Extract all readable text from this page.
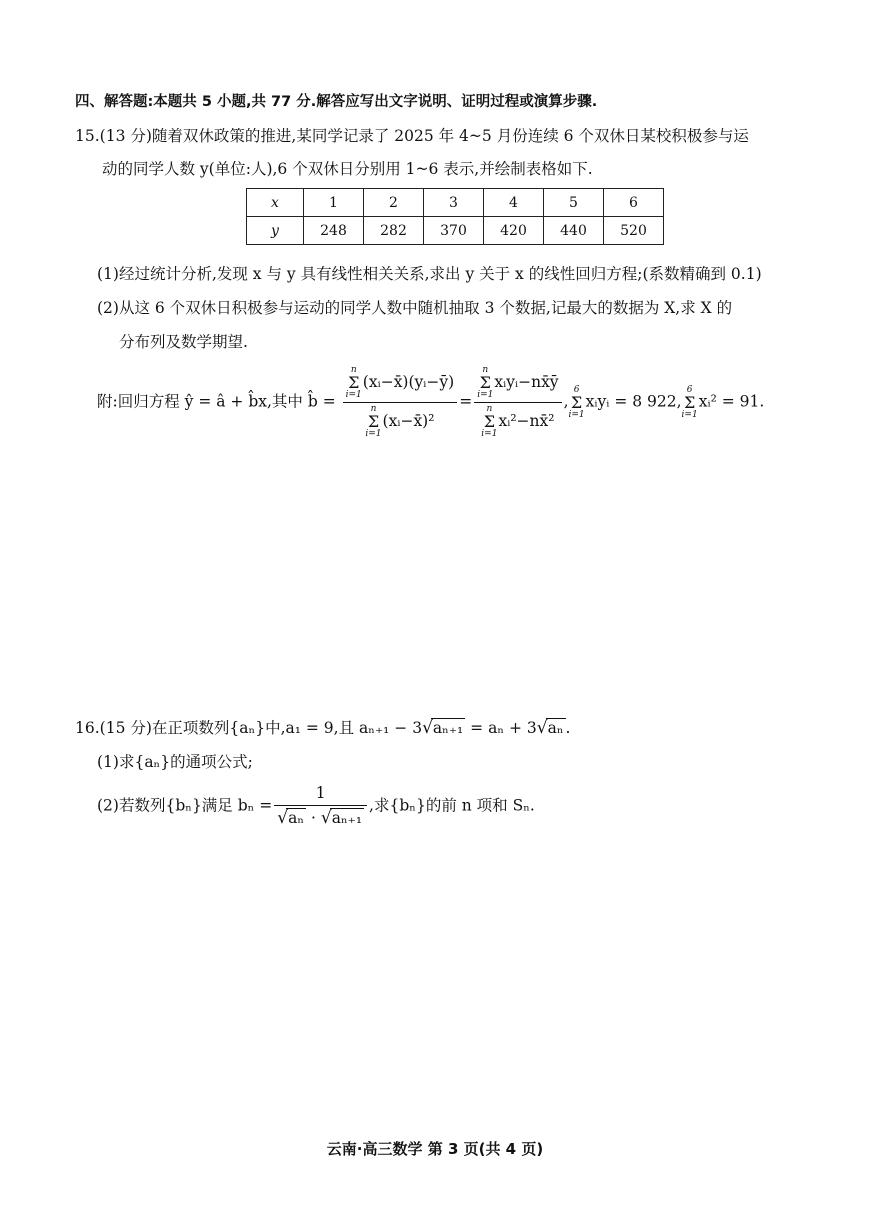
四、解答题:本题共 5 小题,共 77 分.解答应写出文字说明、证明过程或演算步骤.
15.(13 分)随着双休政策的推进,某同学记录了 2025 年 4~5 月份连续 6 个双休日某校积极参与运
动的同学人数 y(单位:人),6 个双休日分别用 1~6 表示,并绘制表格如下.
x	1	2	3	4	5	6
y	248	282	370	420	440	520
(1)经过统计分析,发现 x 与 y 具有线性相关关系,求出 y 关于 x 的线性回归方程;(系数精确到 0.1)
(2)从这 6 个双休日积极参与运动的同学人数中随机抽取 3 个数据,记最大的数据为 X,求 X 的
分布列及数学期望.
附:回归方程 ŷ = â + b̂x,其中 b̂ = n
Σ
i=1
(xᵢ−x̄)(yᵢ−ȳ)
n
Σ
i=1
(xᵢ−x̄)² = n
Σ
i=1
xᵢyᵢ−nx̄ȳ
n
Σ
i=1
xᵢ²−nx̄² ,
6
Σ
i=1
xᵢyᵢ = 8 922,
6
Σ
i=1
xᵢ² = 91.
16.(15 分)在正项数列{aₙ}中,a₁ = 9,且 aₙ₊₁ − 3√aₙ₊₁ = aₙ + 3√aₙ .
(1)求{aₙ}的通项公式;
(2)若数列{bₙ}满足 $b_n = \frac{1}{\text{√aₙ · √aₙ₊₁}}$ ,求{bₙ}的前 n 项和 Sₙ.
云南·高三数学 第 3 页(共 4 页)
